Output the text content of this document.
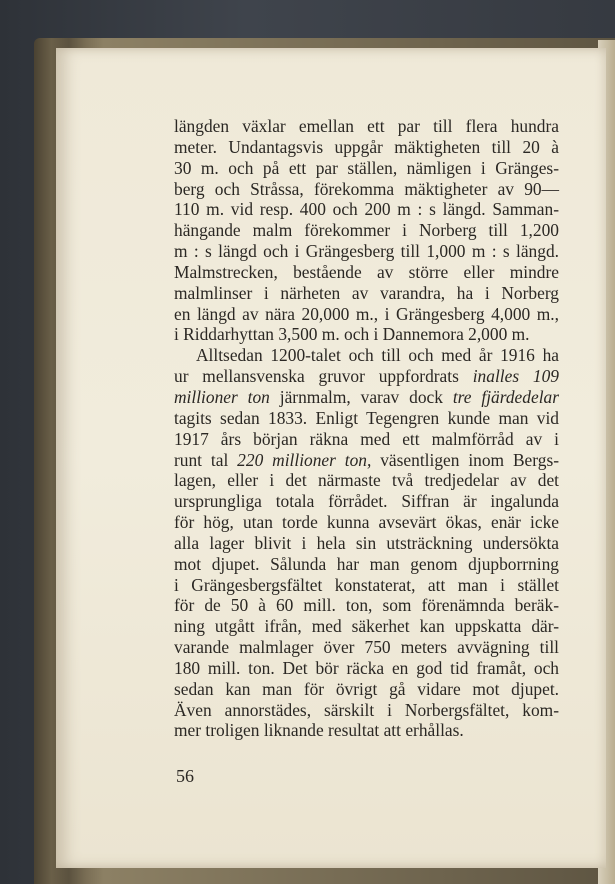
längden växlar emellan ett par till flera hundra
meter. Undantagsvis uppgår mäktigheten till 20 à
30 m. och på ett par ställen, nämligen i Gränges-
berg och Stråssa, förekomma mäktigheter av 90—
110 m. vid resp. 400 och 200 m : s längd. Samman-
hängande malm förekommer i Norberg till 1,200
m : s längd och i Grängesberg till 1,000 m : s längd.
Malmstrecken, bestående av större eller mindre
malmlinser i närheten av varandra, ha i Norberg
en längd av nära 20,000 m., i Grängesberg 4,000 m.,
i Riddarhyttan 3,500 m. och i Dannemora 2,000 m.

Alltsedan 1200-talet och till och med år 1916 ha
ur mellansvenska gruvor uppfordrats inalles 109
millioner ton järnmalm, varav dock tre fjärdedelar
tagits sedan 1833. Enligt Tegengren kunde man vid
1917 års början räkna med ett malmförråd av i
runt tal 220 millioner ton, väsentligen inom Bergs-
lagen, eller i det närmaste två tredjedelar av det
ursprungliga totala förrådet. Siffran är ingalunda
för hög, utan torde kunna avsevärt ökas, enär icke
alla lager blivit i hela sin utsträckning undersökta
mot djupet. Sålunda har man genom djupborrning
i Grängesbergsfältet konstaterat, att man i stället
för de 50 à 60 mill. ton, som förenämnda beräk-
ning utgått ifrån, med säkerhet kan uppskatta där-
varande malmlager över 750 meters avvägning till
180 mill. ton. Det bör räcka en god tid framåt, och
sedan kan man för övrigt gå vidare mot djupet.
Även annorstädes, särskilt i Norbergsfältet, kom-
mer troligen liknande resultat att erhållas.

56
